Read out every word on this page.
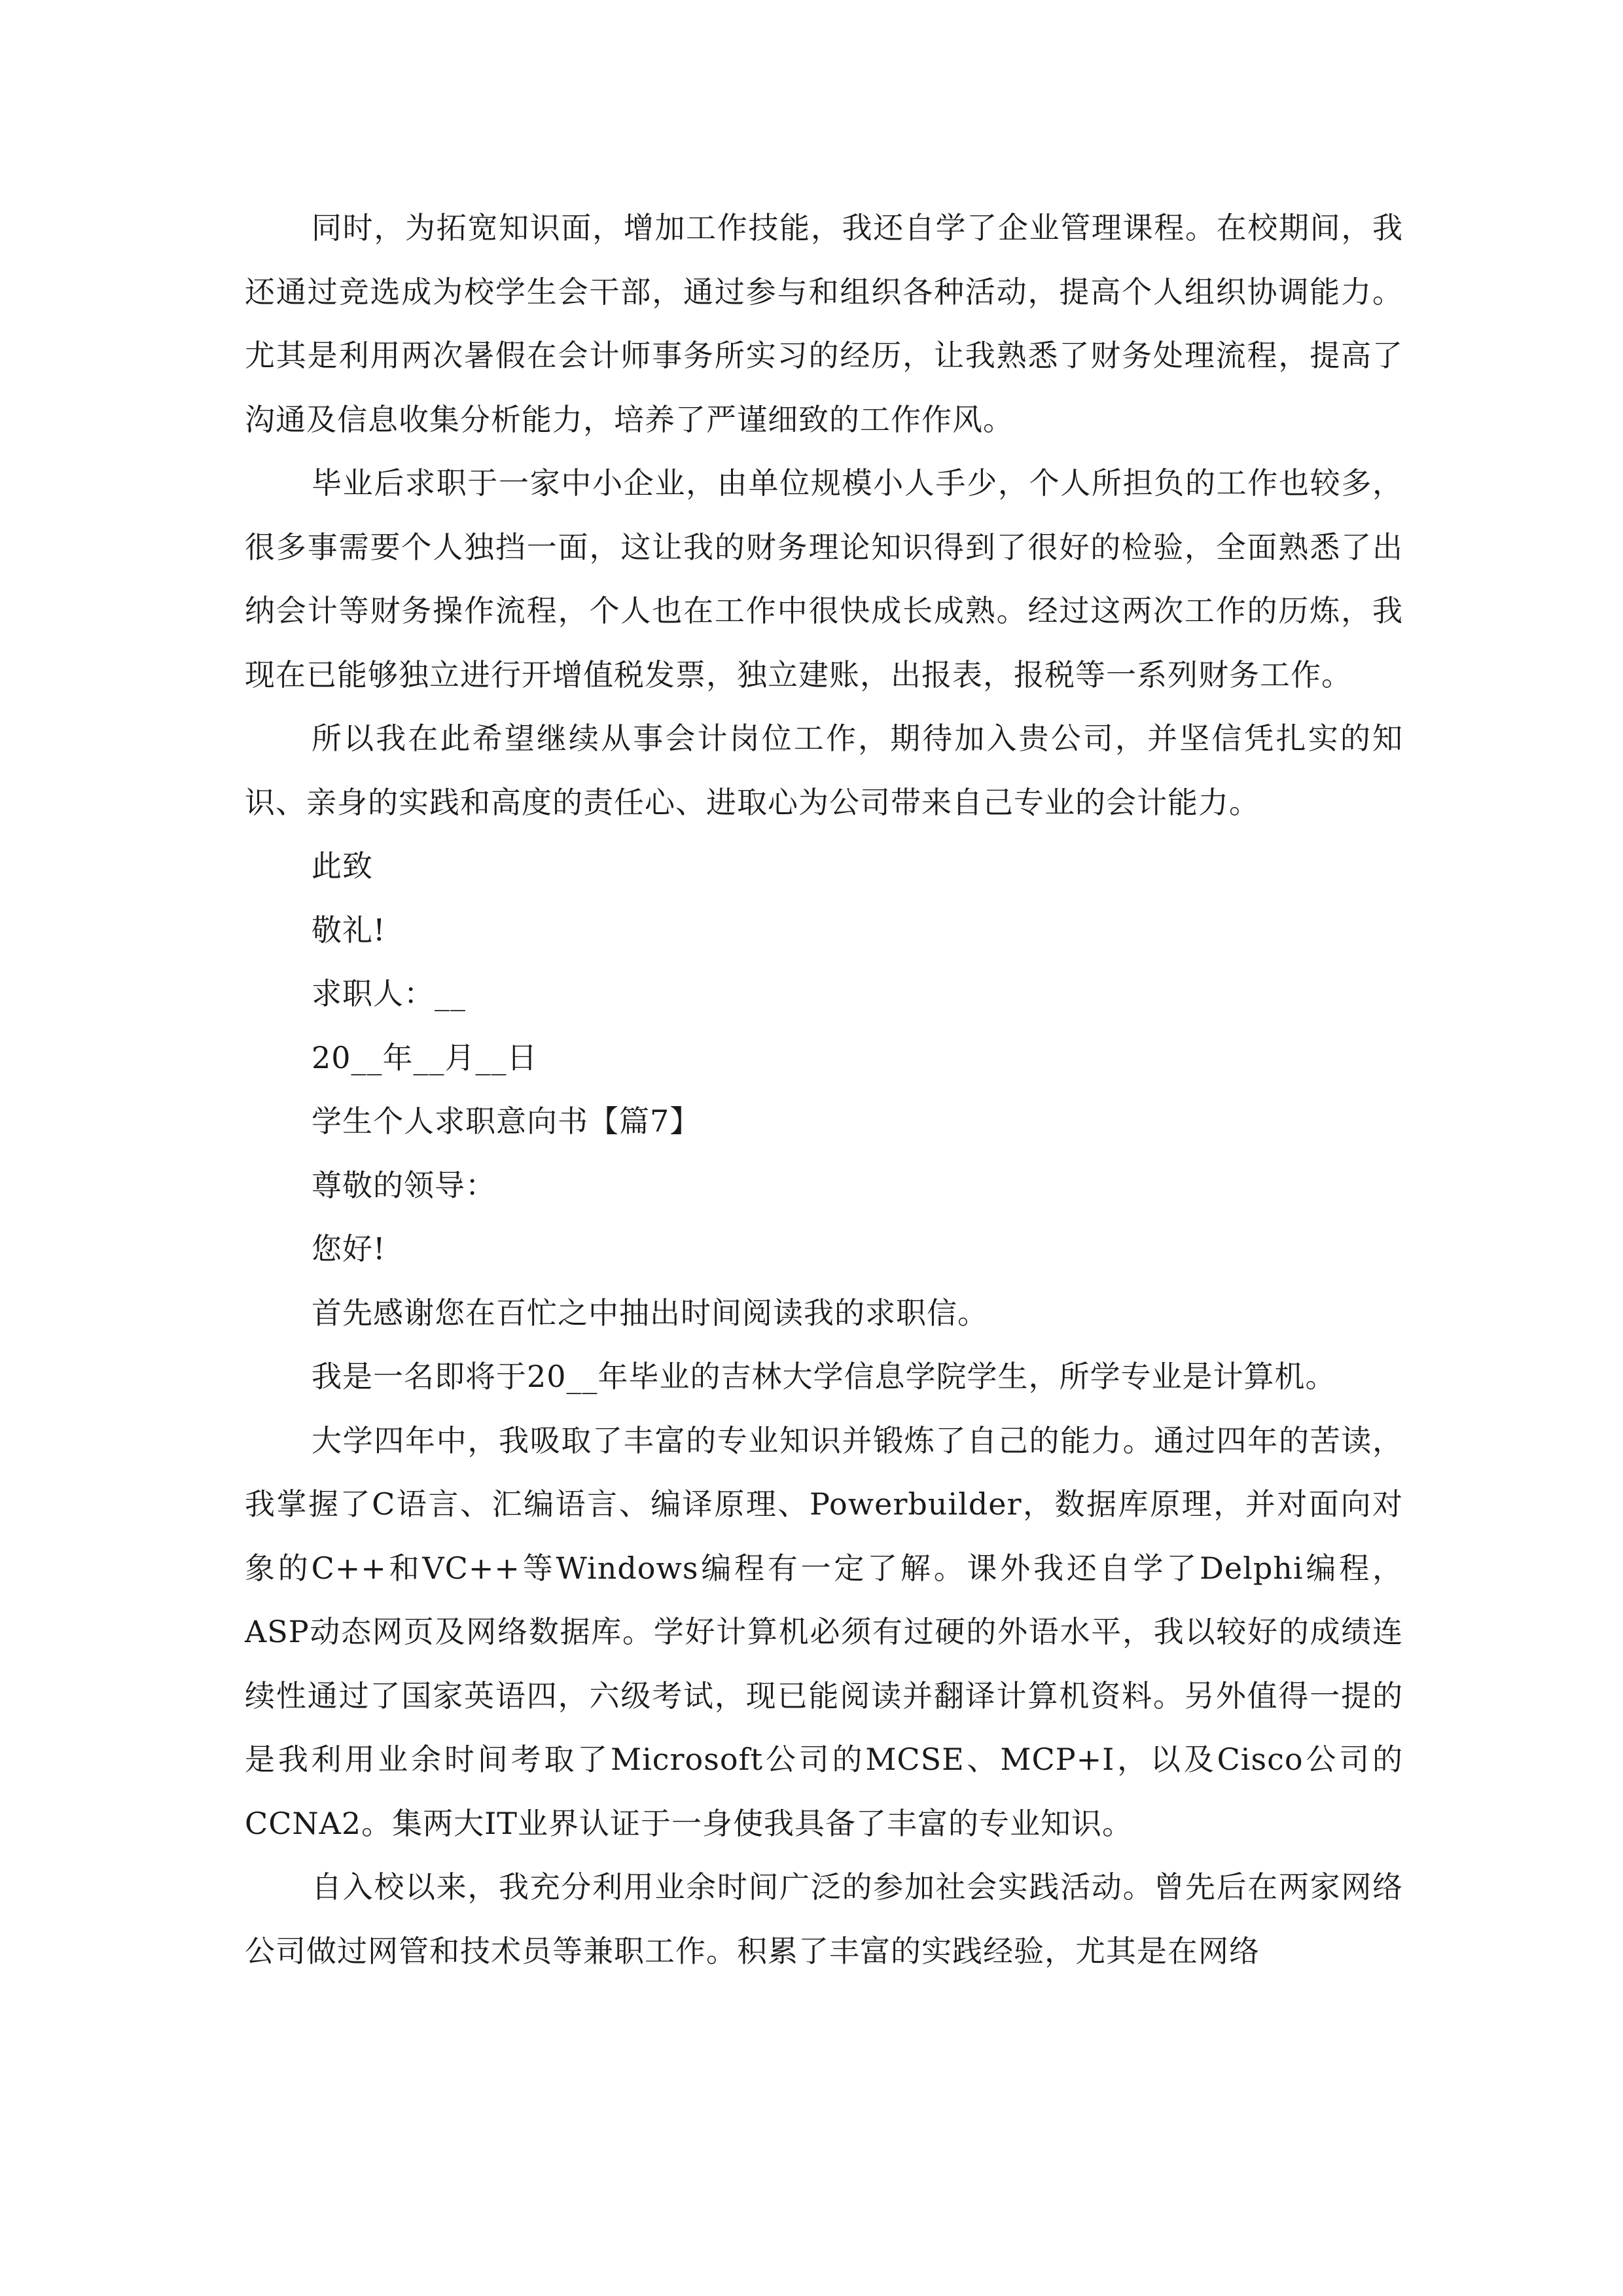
同时，为拓宽知识面，增加工作技能，我还自学了企业管理课程。在校期间，我还通过竞选成为校学生会干部，通过参与和组织各种活动，提高个人组织协调能力。尤其是利用两次暑假在会计师事务所实习的经历，让我熟悉了财务处理流程，提高了沟通及信息收集分析能力，培养了严谨细致的工作作风。

毕业后求职于一家中小企业，由单位规模小人手少，个人所担负的工作也较多，很多事需要个人独挡一面，这让我的财务理论知识得到了很好的检验，全面熟悉了出纳会计等财务操作流程，个人也在工作中很快成长成熟。经过这两次工作的历炼，我现在已能够独立进行开增值税发票，独立建账，出报表，报税等一系列财务工作。

所以我在此希望继续从事会计岗位工作，期待加入贵公司，并坚信凭扎实的知识、亲身的实践和高度的责任心、进取心为公司带来自己专业的会计能力。

此致

敬礼!

求职人：__

20__年__月__日

学生个人求职意向书【篇7】

尊敬的领导：

您好!

首先感谢您在百忙之中抽出时间阅读我的求职信。

我是一名即将于20__年毕业的吉林大学信息学院学生，所学专业是计算机。

大学四年中，我吸取了丰富的专业知识并锻炼了自己的能力。通过四年的苦读，我掌握了C语言、汇编语言、编译原理、Powerbuilder，数据库原理，并对面向对象的C++和VC++等Windows编程有一定了解。课外我还自学了Delphi编程，ASP动态网页及网络数据库。学好计算机必须有过硬的外语水平，我以较好的成绩连续性通过了国家英语四，六级考试，现已能阅读并翻译计算机资料。另外值得一提的是我利用业余时间考取了Microsoft公司的MCSE、MCP+I，以及Cisco公司的CCNA2。集两大IT业界认证于一身使我具备了丰富的专业知识。

自入校以来，我充分利用业余时间广泛的参加社会实践活动。曾先后在两家网络公司做过网管和技术员等兼职工作。积累了丰富的实践经验，尤其是在网络
